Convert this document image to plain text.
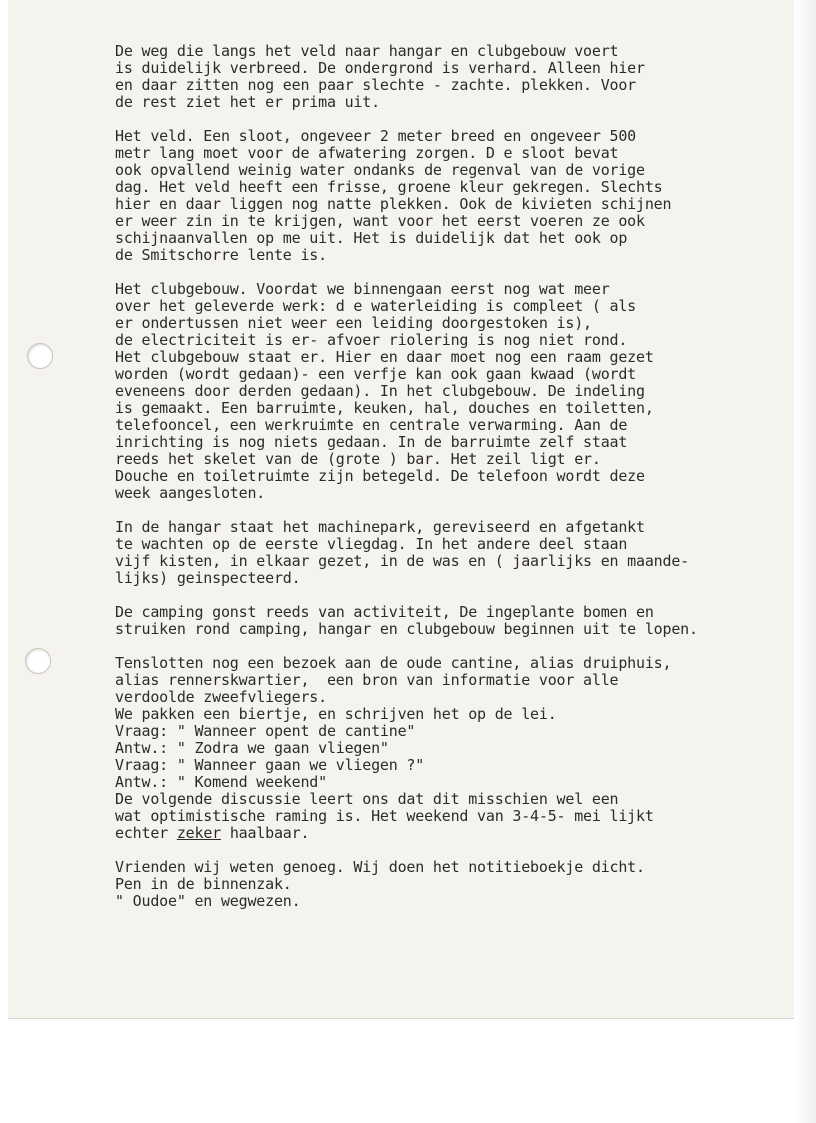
De weg die langs het veld naar hangar en clubgebouw voert
is duidelijk verbreed. De ondergrond is verhard. Alleen hier
en daar zitten nog een paar slechte - zachte. plekken. Voor
de rest ziet het er prima uit.
Het veld. Een sloot, ongeveer 2 meter breed en ongeveer 500
metr lang moet voor de afwatering zorgen. D e sloot bevat
ook opvallend weinig water ondanks de regenval van de vorige
dag. Het veld heeft een frisse, groene kleur gekregen. Slechts
hier en daar liggen nog natte plekken. Ook de kivieten schijnen
er weer zin in te krijgen, want voor het eerst voeren ze ook
schijnaanvallen op me uit. Het is duidelijk dat het ook op
de Smitschorre lente is.
Het clubgebouw. Voordat we binnengaan eerst nog wat meer
over het geleverde werk: d e waterleiding is compleet ( als
er ondertussen niet weer een leiding doorgestoken is),
de electriciteit is er- afvoer riolering is nog niet rond.
Het clubgebouw staat er. Hier en daar moet nog een raam gezet
worden (wordt gedaan)- een verfje kan ook gaan kwaad (wordt
eveneens door derden gedaan). In het clubgebouw. De indeling
is gemaakt. Een barruimte, keuken, hal, douches en toiletten,
telefooncel, een werkruimte en centrale verwarming. Aan de
inrichting is nog niets gedaan. In de barruimte zelf staat
reeds het skelet van de (grote ) bar. Het zeil ligt er.
Douche en toiletruimte zijn betegeld. De telefoon wordt deze
week aangesloten.
In de hangar staat het machinepark, gereviseerd en afgetankt
te wachten op de eerste vliegdag. In het andere deel staan
vijf kisten, in elkaar gezet, in de was en ( jaarlijks en maande-
lijks) geinspecteerd.
De camping gonst reeds van activiteit, De ingeplante bomen en
struiken rond camping, hangar en clubgebouw beginnen uit te lopen.
Tenslotten nog een bezoek aan de oude cantine, alias druiphuis,
alias rennerskwartier,  een bron van informatie voor alle
verdoolde zweefvliegers.
We pakken een biertje, en schrijven het op de lei.
Vraag: " Wanneer opent de cantine"
Antw.: " Zodra we gaan vliegen"
Vraag: " Wanneer gaan we vliegen ?"
Antw.: " Komend weekend"
De volgende discussie leert ons dat dit misschien wel een
wat optimistische raming is. Het weekend van 3-4-5- mei lijkt
echter zeker haalbaar.
Vrienden wij weten genoeg. Wij doen het notitieboekje dicht.
Pen in de binnenzak.
" Oudoe" en wegwezen.
